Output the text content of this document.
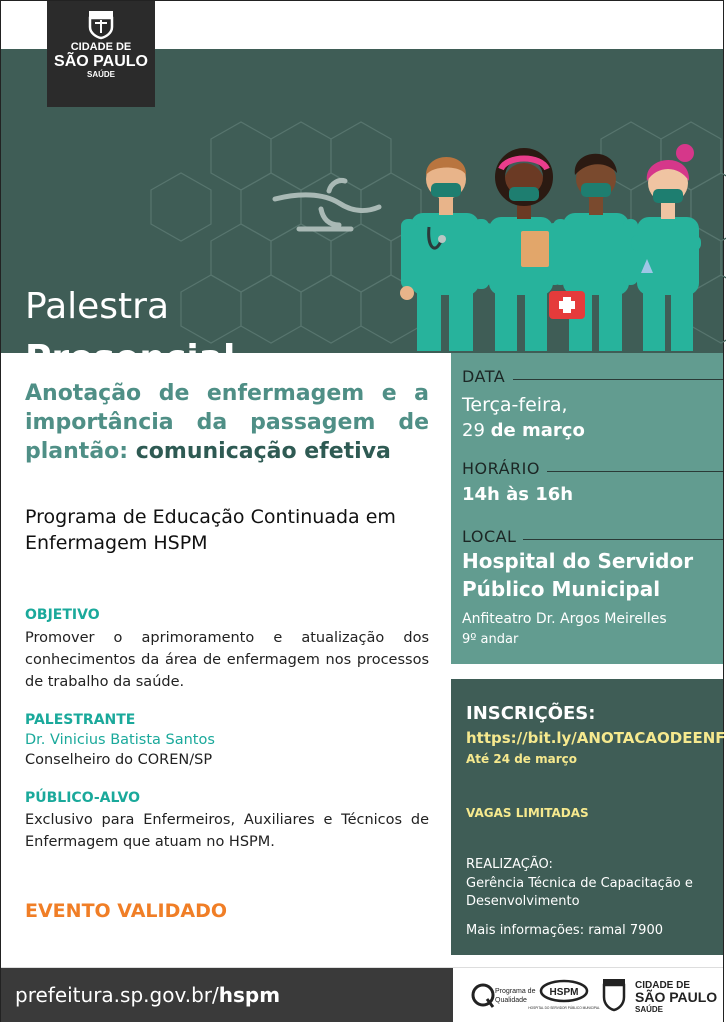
Palestra
Presencial
CIDADE DE
SÃO PAULO
SAÚDE
Anotação de enfermagem e a importância da passagem de plantão: comunicação efetiva
Programa de Educação Continuada em Enfermagem HSPM
OBJETIVO
Promover o aprimoramento e atualização dos conhecimentos da área de enfermagem nos processos de trabalho da saúde.
PALESTRANTE
Dr. Vinicius Batista Santos
Conselheiro do COREN/SP
PÚBLICO-ALVO
Exclusivo para Enfermeiros, Auxiliares e Técnicos de Enfermagem que atuam no HSPM.
EVENTO VALIDADO
DATA
Terça-feira,
29 de março
HORÁRIO
14h às 16h
LOCAL
Hospital do Servidor
Público Municipal
Anfiteatro Dr. Argos Meirelles
9º andar
INSCRIÇÕES:
https://bit.ly/ANOTACAODEENF
Até 24 de março
VAGAS LIMITADAS
REALIZAÇÃO:
Gerência Técnica de Capacitação e Desenvolvimento
Mais informações: ramal 7900
prefeitura.sp.gov.br/hspm	Programa de
Qualidade
HSPM
HOSPITAL DO SERVIDOR PÚBLICO MUNICIPAL
CIDADE DE
SÃO PAULO
SAÚDE
